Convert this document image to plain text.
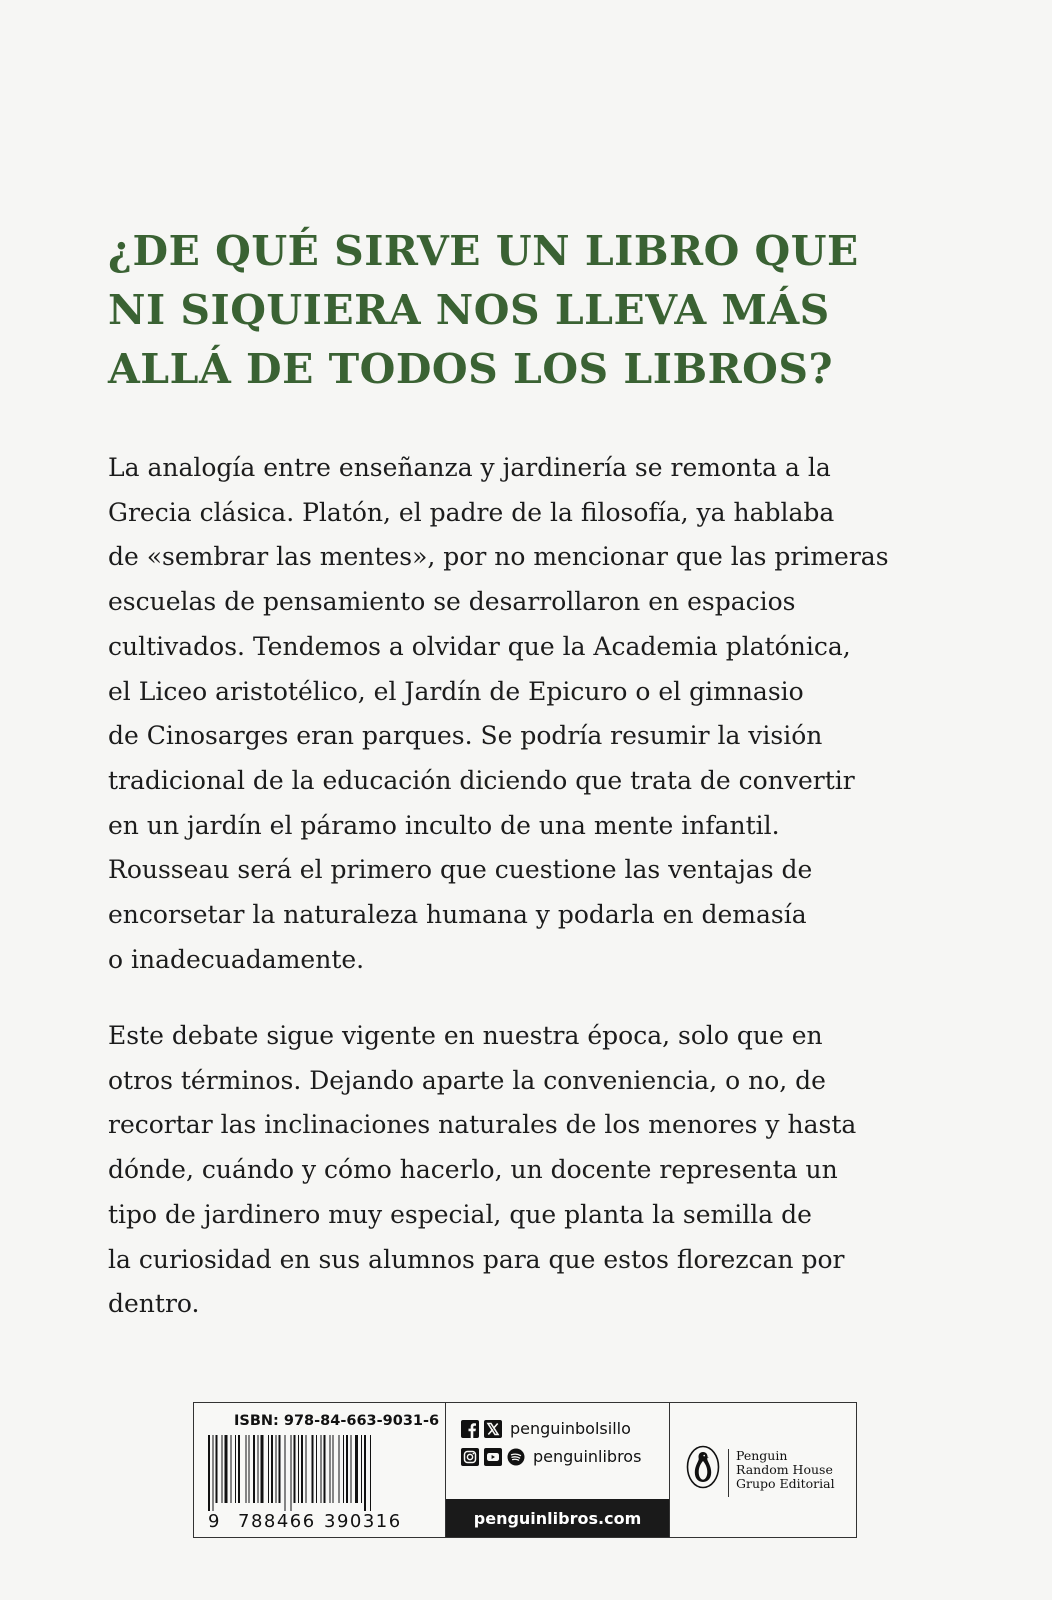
¿DE QUÉ SIRVE UN LIBRO QUE
NI SIQUIERA NOS LLEVA MÁS
ALLÁ DE TODOS LOS LIBROS?
La analogía entre enseñanza y jardinería se remonta a la
Grecia clásica. Platón, el padre de la filosofía, ya hablaba
de «sembrar las mentes», por no mencionar que las primeras
escuelas de pensamiento se desarrollaron en espacios
cultivados. Tendemos a olvidar que la Academia platónica,
el Liceo aristotélico, el Jardín de Epicuro o el gimnasio
de Cinosarges eran parques. Se podría resumir la visión
tradicional de la educación diciendo que trata de convertir
en un jardín el páramo inculto de una mente infantil.
Rousseau será el primero que cuestione las ventajas de
encorsetar la naturaleza humana y podarla en demasía
o inadecuadamente.
Este debate sigue vigente en nuestra época, solo que en
otros términos. Dejando aparte la conveniencia, o no, de
recortar las inclinaciones naturales de los menores y hasta
dónde, cuándo y cómo hacerlo, un docente representa un
tipo de jardinero muy especial, que planta la semilla de
la curiosidad en sus alumnos para que estos florezcan por
dentro.
ISBN: 978-84-663-9031-6
9 788466 390316
penguinbolsillo
penguinlibros
penguinlibros.com
Penguin
Random House
Grupo Editorial
